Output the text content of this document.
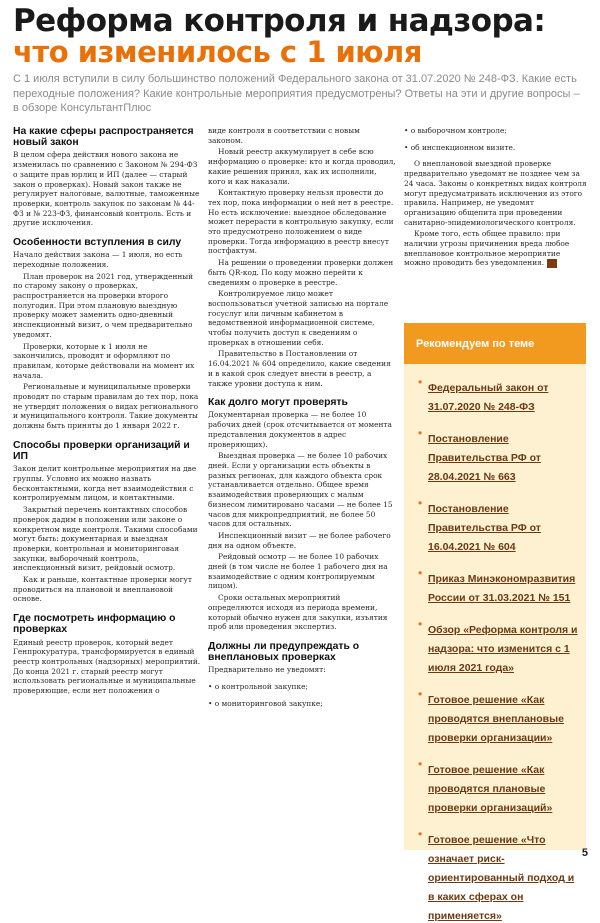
Реформа контроля и надзора:
что изменилось с 1 июля

С 1 июля вступили в силу большинство положений Федерального закона от 31.07.2020 № 248-ФЗ. Какие есть переходные положения? Какие контрольные мероприятия предусмотрены? Ответы на эти и другие вопросы – в обзоре КонсультантПлюс

На какие сферы распространяется новый закон

В целом сфера действия нового закона не изменилась по сравнению с Законом № 294-ФЗ о защите прав юрлиц и ИП (далее — старый закон о проверках). Новый закон также не регулирует налоговые, валютные, таможенные проверки, контроль закупок по законам № 44-ФЗ и № 223-ФЗ, финансовый контроль. Есть и другие исключения.

Особенности вступления в силу

Начало действия закона — 1 июля, но есть переходные положения.

План проверок на 2021 год, утвержденный по старому закону о проверках, распространяется на проверки второго полугодия. При этом плановую выездную проверку может заменить одно-дневный инспекционный визит, о чем предварительно уведомят.

Проверки, которые к 1 июля не закончились, проводят и оформляют по правилам, которые действовали на момент их начала.

Региональные и муниципальные проверки проводят по старым правилам до тех пор, пока не утвердят положения о видах регионального и муниципального контроля. Такие документы должны быть приняты до 1 января 2022 г.

Способы проверки организаций и ИП

Закон делит контрольные мероприятия на две группы. Условно их можно назвать бесконтактными, когда нет взаимодействия с контролируемым лицом, и контактными.

Закрытый перечень контактных способов проверок дадим в положении или законе о конкретном виде контроля. Такими способами могут быть: документарная и выездная проверки, контрольная и мониторинговая закупки, выборочный контроль, инспекционный визит, рейдовый осмотр.

Как и раньше, контактные проверки могут проводиться на плановой и внеплановой основе.

Где посмотреть информацию о проверках

Единый реестр проверок, который ведет Генпрокуратура, трансформируется в единый реестр контрольных (надзорных) мероприятий. До конца 2021 г. старый реестр могут использовать региональные и муниципальные проверяющие, если нет положения о

виде контроля в соответствии с новым законом.

Новый реестр аккумулирует в себе всю информацию о проверке: кто и когда проводил, какие решения принял, как их исполнили, кого и как наказали.

Контактную проверку нельзя провести до тех пор, пока информации о ней нет в реестре. Но есть исключение: выездное обследование может перерасти в контрольную закупку, если это предусмотрено положением о виде проверки. Тогда информацию в реестр внесут постфактум.

На решении о проведении проверки должен быть QR-код. По коду можно перейти к сведениям о проверке в реестре.

Контролируемое лицо может воспользоваться учетной записью на портале госуслуг или личным кабинетом в ведомственной информационной системе, чтобы получить доступ к сведениям о проверках в отношении себя.

Правительство в Постановлении от 16.04.2021 № 604 определило, какие сведения и в какой срок следует внести в реестр, а также уровни доступа к ним.

Как долго могут проверять

Документарная проверка — не более 10 рабочих дней (срок отсчитывается от момента представления документов в адрес проверяющих).

Выездная проверка — не более 10 рабочих дней. Если у организации есть объекты в разных регионах, для каждого объекта срок устанавливается отдельно. Общее время взаимодействия проверяющих с малым бизнесом лимитировано часами — не более 15 часов для микропредприятий, не более 50 часов для остальных.

Инспекционный визит — не более рабочего дня на одном объекте.

Рейдовый осмотр — не более 10 рабочих дней (в том числе не более 1 рабочего дня на взаимодействие с одним контролируемым лицом).

Сроки остальных мероприятий определяются исходя из периода времени, который обычно нужен для закупки, изъятия проб или проведения экспертиз.

Должны ли предупреждать о внеплановых проверках

Предварительно не уведомят:

• о контрольной закупке;

• о мониторинговой закупке;

• о выборочном контроле;

• об инспекционном визите.

О внеплановой выездной проверке предварительно уведомят не позднее чем за 24 часа. Законы о конкретных видах контроля могут предусматривать исключения из этого правила. Например, не уведомят организацию общепита при проведении санитарно-эпидемиологического контроля.

Кроме того, есть общее правило: при наличии угрозы причинения вреда любое внеплановое контрольное мероприятие можно проводить без уведомления. КП

Рекомендуем по теме
• Федеральный закон от 31.07.2020 № 248-ФЗ
• Постановление Правительства РФ от 28.04.2021 № 663
• Постановление Правительства РФ от 16.04.2021 № 604
• Приказ Минэкономразвития России от 31.03.2021 № 151
• Обзор «Реформа контроля и надзора: что изменится с 1 июля 2021 года»
• Готовое решение «Как проводятся внеплановые проверки организации»
• Готовое решение «Как проводятся плановые проверки организаций»
• Готовое решение «Что означает риск-ориентированный подход и в каких сферах он применяется»
5
